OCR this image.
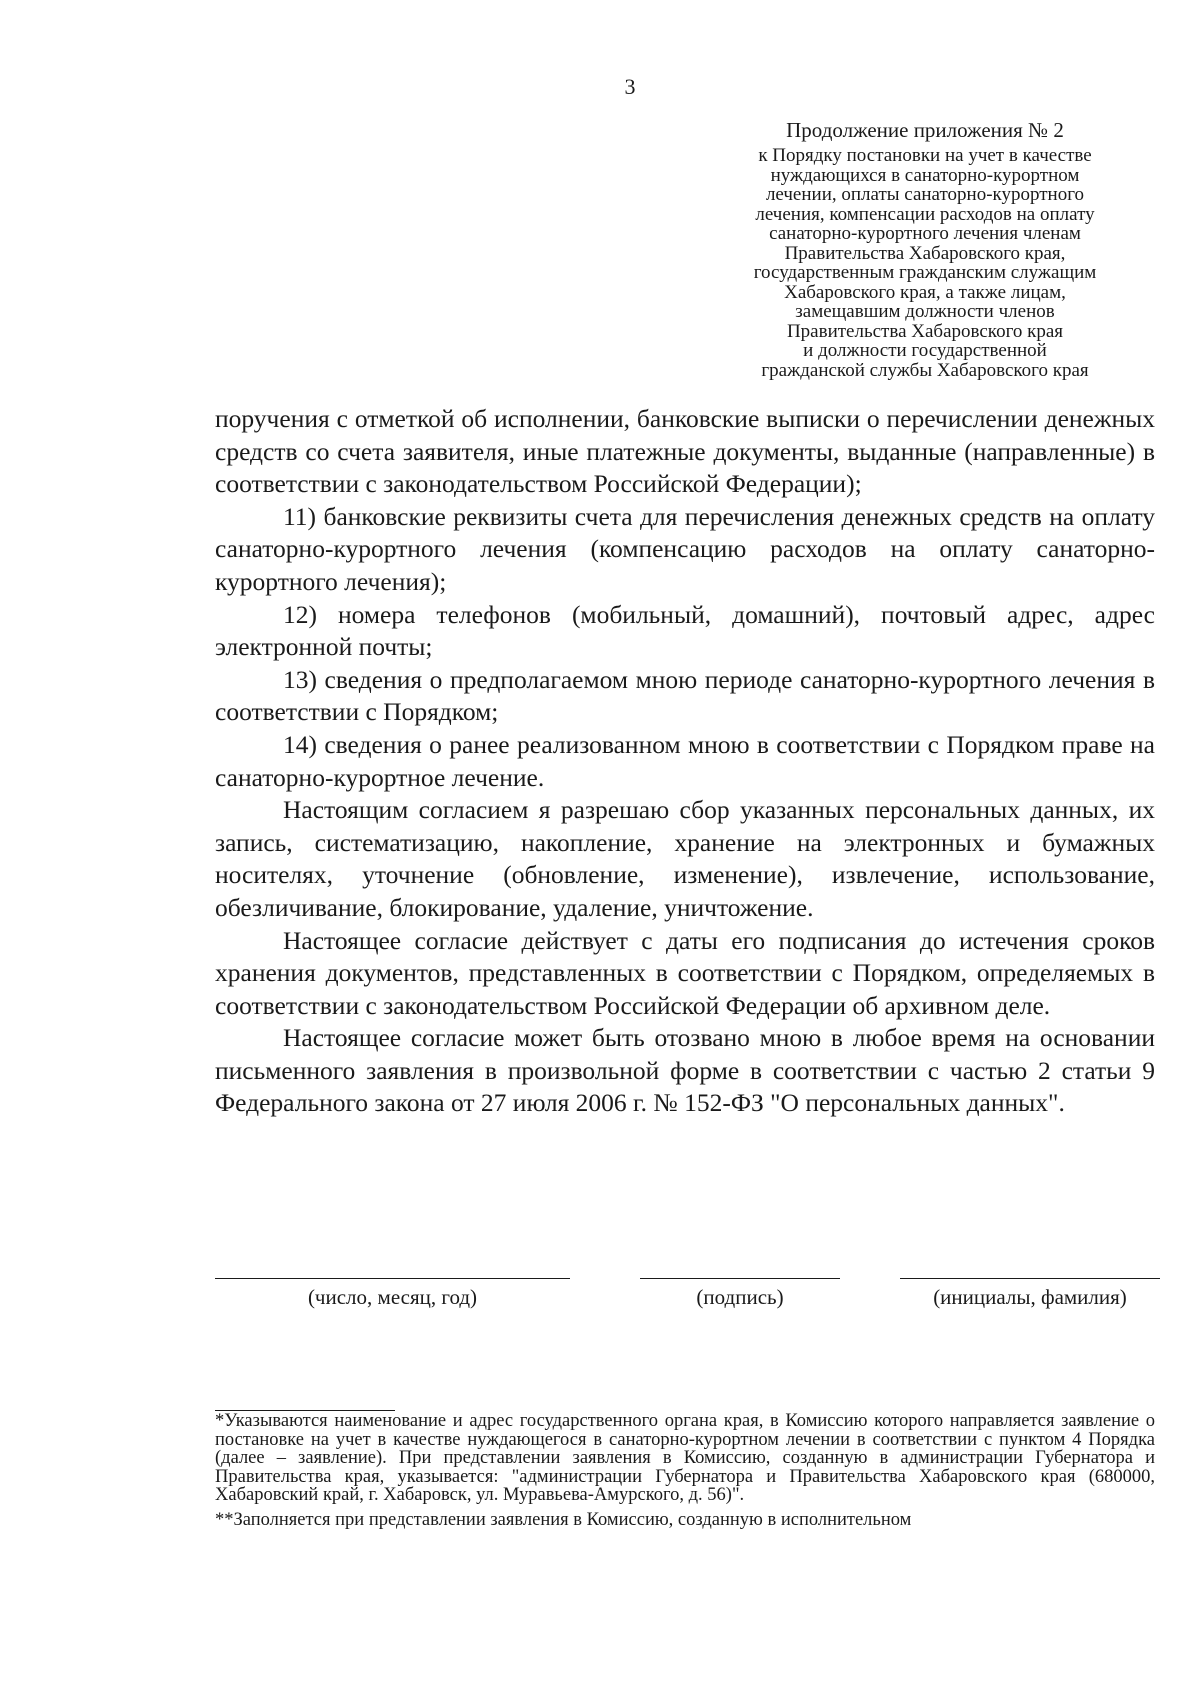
3
Продолжение приложения № 2
к Порядку постановки на учет в качестве
нуждающихся в санаторно-курортном
лечении, оплаты санаторно-курортного
лечения, компенсации расходов на оплату
санаторно-курортного лечения членам
Правительства Хабаровского края,
государственным гражданским служащим
Хабаровского края, а также лицам,
замещавшим должности членов
Правительства Хабаровского края
и должности государственной
гражданской службы Хабаровского края

поручения с отметкой об исполнении, банковские выписки о перечислении денежных средств со счета заявителя, иные платежные документы, выданные (направленные) в соответствии с законодательством Российской Федерации);

11) банковские реквизиты счета для перечисления денежных средств на оплату санаторно-курортного лечения (компенсацию расходов на оплату санаторно-курортного лечения);

12) номера телефонов (мобильный, домашний), почтовый адрес, адрес электронной почты;

13) сведения о предполагаемом мною периоде санаторно-курортного лечения в соответствии с Порядком;

14) сведения о ранее реализованном мною в соответствии с Порядком праве на санаторно-курортное лечение.

Настоящим согласием я разрешаю сбор указанных персональных данных, их запись, систематизацию, накопление, хранение на электронных и бумажных носителях, уточнение (обновление, изменение), извлечение, использование, обезличивание, блокирование, удаление, уничтожение.

Настоящее согласие действует с даты его подписания до истечения сроков хранения документов, представленных в соответствии с Порядком, определяемых в соответствии с законодательством Российской Федерации об архивном деле.

Настоящее согласие может быть отозвано мною в любое время на основании письменного заявления в произвольной форме в соответствии с частью 2 статьи 9 Федерального закона от 27 июля 2006 г. № 152-ФЗ "О персональных данных".

(число, месяц, год)	(подпись)	(инициалы, фамилия)

*Указываются наименование и адрес государственного органа края, в Комиссию которого направляется заявление о постановке на учет в качестве нуждающегося в санаторно-курортном лечении в соответствии с пунктом 4 Порядка (далее – заявление). При представлении заявления в Комиссию, созданную в администрации Губернатора и Правительства края, указывается: "администрации Губернатора и Правительства Хабаровского края (680000, Хабаровский край, г. Хабаровск, ул. Муравьева-Амурского, д. 56)".

**Заполняется при представлении заявления в Комиссию, созданную в исполнительном
